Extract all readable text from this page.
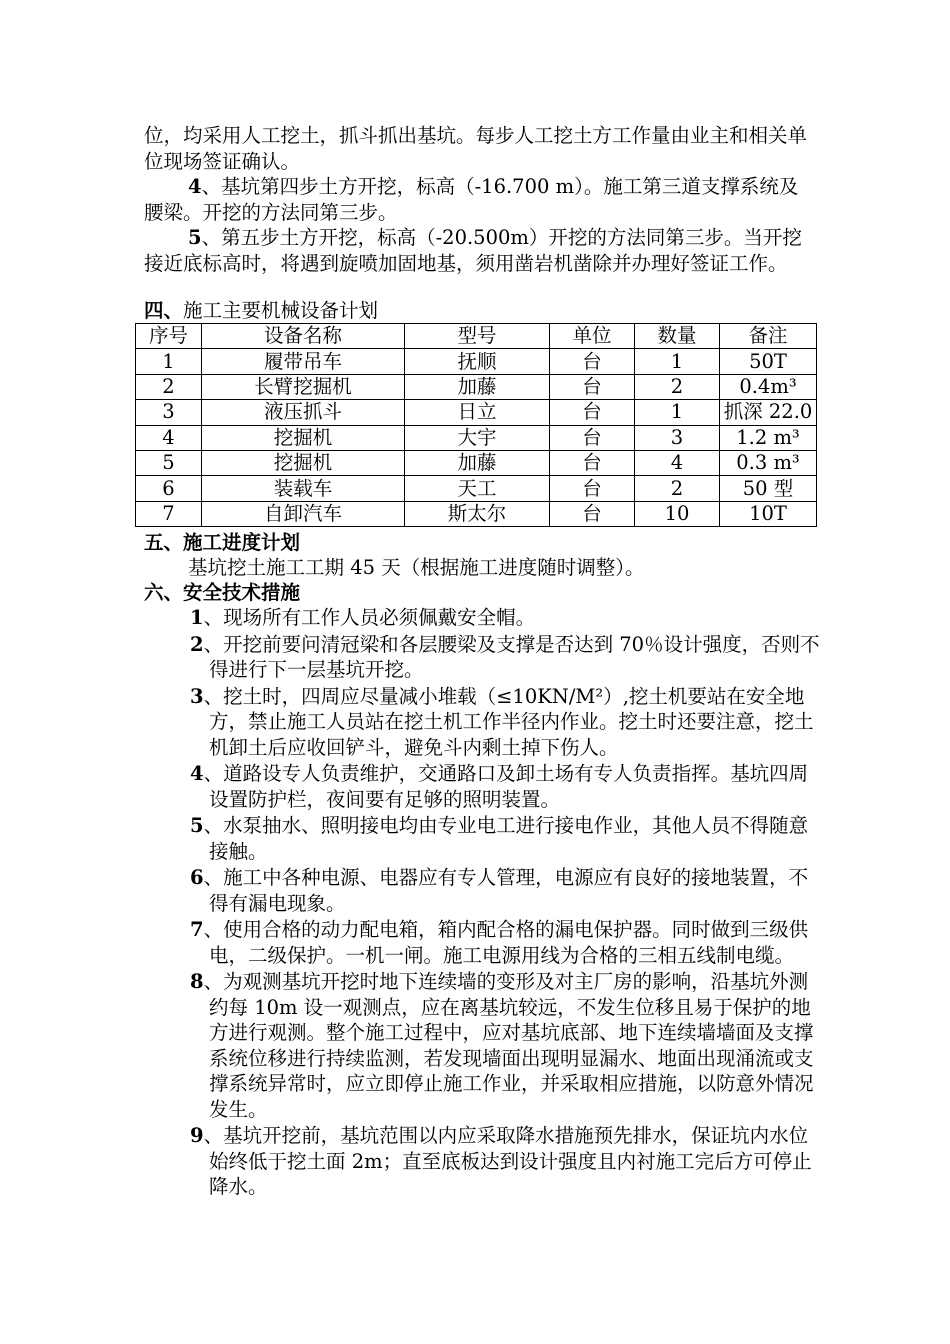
位，均采用人工挖土，抓斗抓出基坑。每步人工挖土方工作量由业主和相关单位现场签证确认。

4、基坑第四步土方开挖，标高（-16.700 m）。施工第三道支撑系统及腰梁。开挖的方法同第三步。

5、第五步土方开挖，标高（-20.500m）开挖的方法同第三步。当开挖接近底标高时，将遇到旋喷加固地基，须用凿岩机凿除并办理好签证工作。

四、施工主要机械设备计划

序号	设备名称	型号	单位	数量	备注
1	履带吊车	抚顺	台	1	50T
2	长臂挖掘机	加藤	台	2	0.4m³
3	液压抓斗	日立	台	1	抓深 22.0
4	挖掘机	大宇	台	3	1.2 m³
5	挖掘机	加藤	台	4	0.3 m³
6	装载车	天工	台	2	50 型
7	自卸汽车	斯太尔	台	10	10T

五、施工进度计划

基坑挖土施工工期 45 天（根据施工进度随时调整）。

六、安全技术措施

1、现场所有工作人员必须佩戴安全帽。
2、开挖前要问清冠梁和各层腰梁及支撑是否达到 70％设计强度，否则不得进行下一层基坑开挖。
3、挖土时，四周应尽量减小堆载（≤10KN/M²）,挖土机要站在安全地方，禁止施工人员站在挖土机工作半径内作业。挖土时还要注意，挖土机卸土后应收回铲斗，避免斗内剩土掉下伤人。
4、道路设专人负责维护，交通路口及卸土场有专人负责指挥。基坑四周设置防护栏，夜间要有足够的照明装置。
5、水泵抽水、照明接电均由专业电工进行接电作业，其他人员不得随意接触。
6、施工中各种电源、电器应有专人管理，电源应有良好的接地装置，不得有漏电现象。
7、使用合格的动力配电箱，箱内配合格的漏电保护器。同时做到三级供电，二级保护。一机一闸。施工电源用线为合格的三相五线制电缆。
8、为观测基坑开挖时地下连续墙的变形及对主厂房的影响，沿基坑外测约每 10m 设一观测点，应在离基坑较远，不发生位移且易于保护的地方进行观测。整个施工过程中，应对基坑底部、地下连续墙墙面及支撑系统位移进行持续监测，若发现墙面出现明显漏水、地面出现涌流或支撑系统异常时，应立即停止施工作业，并采取相应措施，以防意外情况发生。
9、基坑开挖前，基坑范围以内应采取降水措施预先排水，保证坑内水位始终低于挖土面 2m；直至底板达到设计强度且内衬施工完后方可停止降水。
